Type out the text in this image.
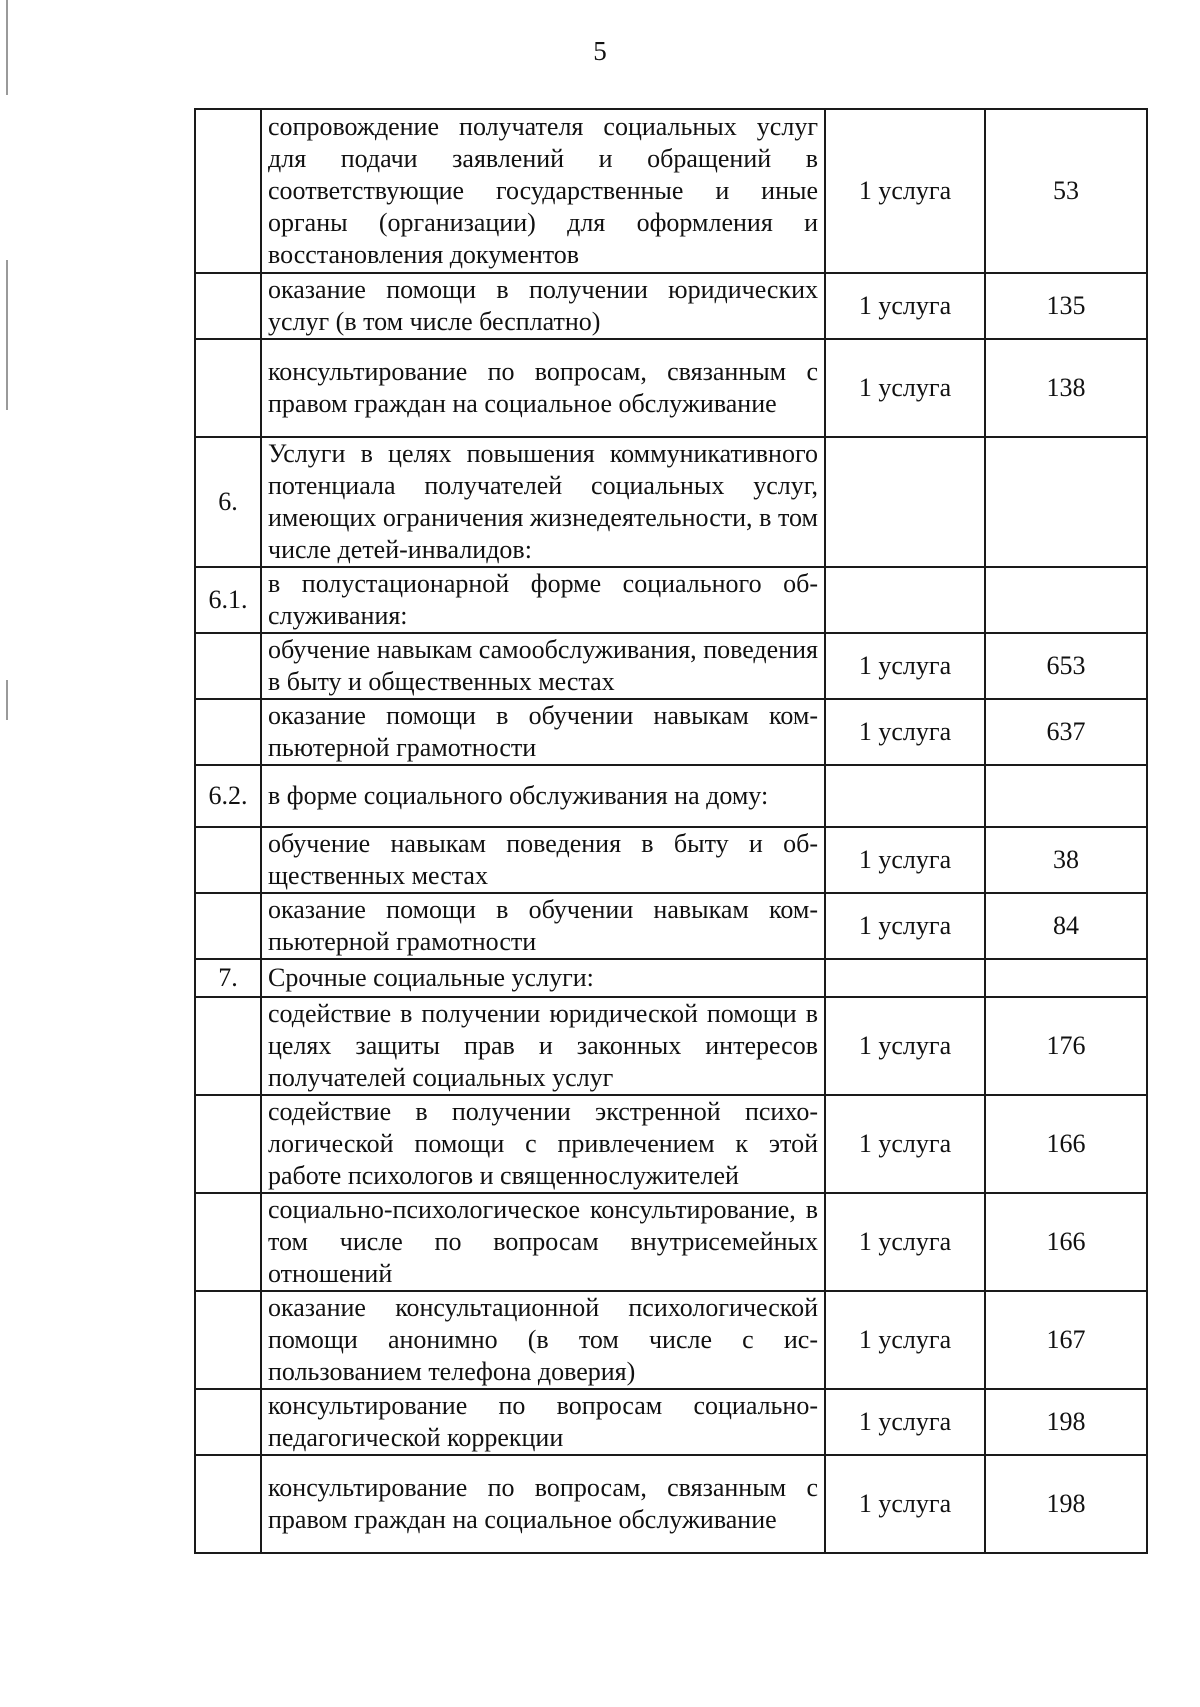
5
	сопровождение получателя социальных услуг для подачи заявлений и обращений в соответствующие государственные и иные органы (организации) для оформления и восстановления документов	1 услуга	53
	оказание помощи в получении юридических услуг (в том числе бесплатно)	1 услуга	135
	консультирование по вопросам, связанным с правом граждан на социальное обслуживание	1 услуга	138
6.	Услуги в целях повышения коммуникативного потенциала получателей социальных услуг, имеющих ограничения жизнедеятельности, в том числе детей-инвалидов:		
6.1.	в полустационарной форме социального обслуживания:		
	обучение навыкам самообслуживания, поведения в быту и общественных местах	1 услуга	653
	оказание помощи в обучении навыкам компьютерной грамотности	1 услуга	637
6.2.	в форме социального обслуживания на дому:		
	обучение навыкам поведения в быту и общественных местах	1 услуга	38
	оказание помощи в обучении навыкам компьютерной грамотности	1 услуга	84
7.	Срочные социальные услуги:		
	содействие в получении юридической помощи в целях защиты прав и законных интересов получателей социальных услуг	1 услуга	176
	содействие в получении экстренной психологической помощи с привлечением к этой работе психологов и священнослужителей	1 услуга	166
	социально-психологическое консультирование, в том числе по вопросам внутрисемейных отношений	1 услуга	166
	оказание консультационной психологической помощи анонимно (в том числе с использованием телефона доверия)	1 услуга	167
	консультирование по вопросам социально-педагогической коррекции	1 услуга	198
	консультирование по вопросам, связанным с правом граждан на социальное обслуживание	1 услуга	198
